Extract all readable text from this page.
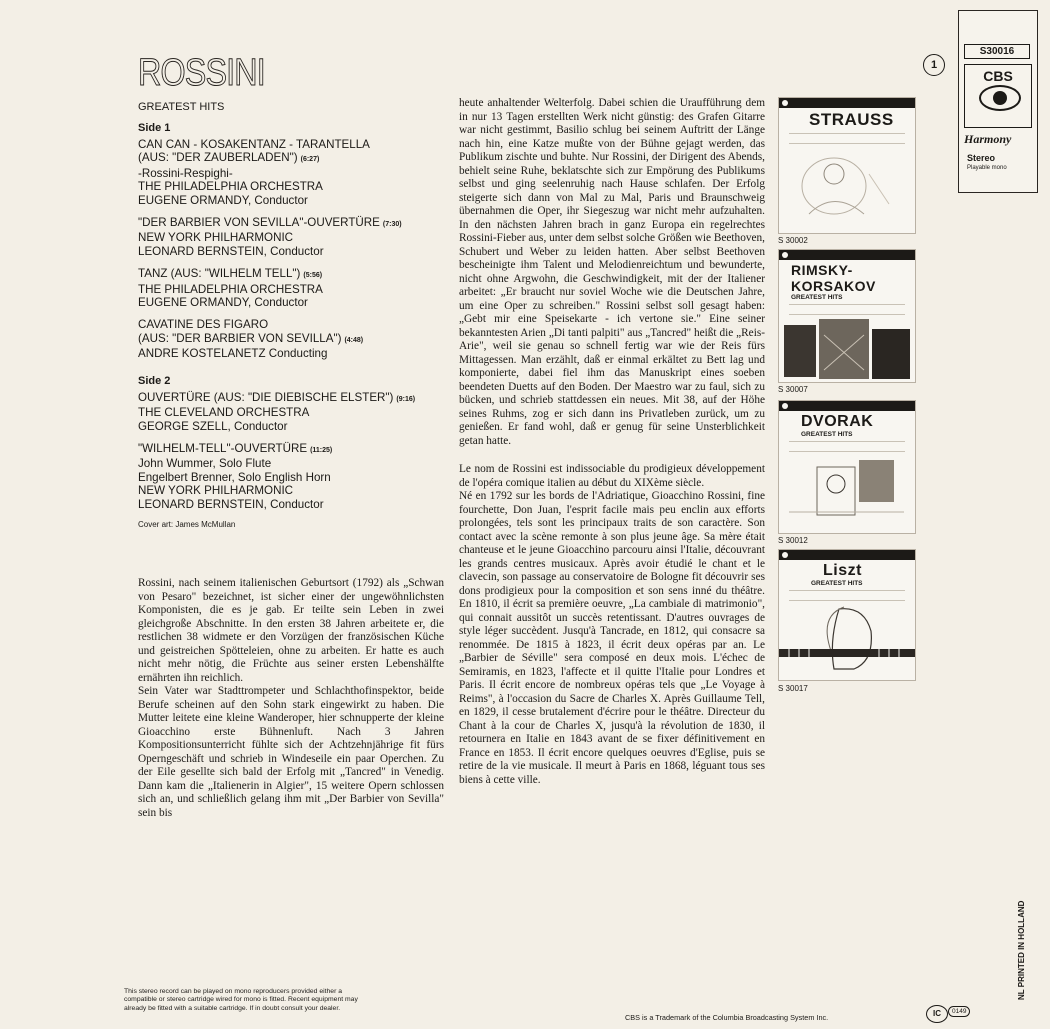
ROSSINI
GREATEST HITS
Side 1
CAN CAN - KOSAKENTANZ - TARANTELLA
(AUS: "DER ZAUBERLADEN") (6:27)
-Rossini-Respighi-
THE PHILADELPHIA ORCHESTRA
EUGENE ORMANDY, Conductor
"DER BARBIER VON SEVILLA"-OUVERTÜRE (7:30)
NEW YORK PHILHARMONIC
LEONARD BERNSTEIN, Conductor
TANZ (AUS: "WILHELM TELL") (5:56)
THE PHILADELPHIA ORCHESTRA
EUGENE ORMANDY, Conductor
CAVATINE DES FIGARO
(AUS: "DER BARBIER VON SEVILLA") (4:48)
ANDRE KOSTELANETZ Conducting
Side 2
OUVERTÜRE (AUS: "DIE DIEBISCHE ELSTER") (9:16)
THE CLEVELAND ORCHESTRA
GEORGE SZELL, Conductor
"WILHELM-TELL"-OUVERTÜRE (11:25)
John Wummer, Solo Flute
Engelbert Brenner, Solo English Horn
NEW YORK PHILHARMONIC
LEONARD BERNSTEIN, Conductor
Cover art: James McMullan

Rossini, nach seinem italienischen Geburtsort (1792) als „Schwan von Pesaro" bezeichnet, ist sicher einer der ungewöhnlichsten Komponisten, die es je gab. Er teilte sein Leben in zwei gleichgroße Abschnitte. In den ersten 38 Jahren arbeitete er, die restlichen 38 widmete er den Vorzügen der französischen Küche und geistreichen Spötteleien, ohne zu arbeiten. Er hatte es auch nicht mehr nötig, die Früchte aus seiner ersten Lebenshälfte ernährten ihn reichlich.

Sein Vater war Stadttrompeter und Schlachthofinspektor, beide Berufe scheinen auf den Sohn stark eingewirkt zu haben. Die Mutter leitete eine kleine Wanderoper, hier schnupperte der kleine Gioacchino erste Bühnenluft. Nach 3 Jahren Kompositionsunterricht fühlte sich der Achtzehnjährige fit fürs Operngeschäft und schrieb in Windeseile ein paar Operchen. Zu der Eile gesellte sich bald der Erfolg mit „Tancred" in Venedig. Dann kam die „Italienerin in Algier", 15 weitere Opern schlossen sich an, und schließlich gelang ihm mit „Der Barbier von Sevilla" sein bis

heute anhaltender Welterfolg. Dabei schien die Uraufführung dem in nur 13 Tagen erstellten Werk nicht günstig: des Grafen Gitarre war nicht gestimmt, Basilio schlug bei seinem Auftritt der Länge nach hin, eine Katze mußte von der Bühne gejagt werden, das Publikum zischte und buhte. Nur Rossini, der Dirigent des Abends, behielt seine Ruhe, beklatschte sich zur Empörung des Publikums selbst und ging seelenruhig nach Hause schlafen. Der Erfolg steigerte sich dann von Mal zu Mal, Paris und Braunschweig übernahmen die Oper, ihr Siegeszug war nicht mehr aufzuhalten. In den nächsten Jahren brach in ganz Europa ein regelrechtes Rossini-Fieber aus, unter dem selbst solche Größen wie Beethoven, Schubert und Weber zu leiden hatten. Aber selbst Beethoven bescheinigte ihm Talent und Melodienreichtum und bewunderte, nicht ohne Argwohn, die Geschwindigkeit, mit der der Italiener arbeitet: „Er braucht nur soviel Woche wie die Deutschen Jahre, um eine Oper zu schreiben." Rossini selbst soll gesagt haben: „Gebt mir eine Speisekarte - ich vertone sie." Eine seiner bekanntesten Arien „Di tanti palpiti" aus „Tancred" heißt die „Reis-Arie", weil sie genau so schnell fertig war wie der Reis fürs Mittagessen. Man erzählt, daß er einmal erkältet zu Bett lag und komponierte, dabei fiel ihm das Manuskript eines soeben beendeten Duetts auf den Boden. Der Maestro war zu faul, sich zu bücken, und schrieb stattdessen ein neues. Mit 38, auf der Höhe seines Ruhms, zog er sich dann ins Privatleben zurück, um zu genießen. Er fand wohl, daß er genug für seine Unsterblichkeit getan hatte.

Le nom de Rossini est indissociable du prodigieux développement de l'opéra comique italien au début du XIXème siècle.

Né en 1792 sur les bords de l'Adriatique, Gioacchino Rossini, fine fourchette, Don Juan, l'esprit facile mais peu enclin aux efforts prolongées, tels sont les principaux traits de son caractère. Son contact avec la scène remonte à son plus jeune âge. Sa mère était chanteuse et le jeune Gioacchino parcouru ainsi l'Italie, découvrant les grands centres musicaux. Après avoir étudié le chant et le clavecin, son passage au conservatoire de Bologne fit découvrir ses dons prodigieux pour la composition et son sens inné du théâtre. En 1810, il écrit sa première oeuvre, „La cambiale di matrimonio", qui connait aussitôt un succès retentissant. D'autres ouvrages de style léger succèdent. Jusqu'à Tancrade, en 1812, qui consacre sa renommée. De 1815 à 1823, il écrit deux opéras par an. Le „Barbier de Séville" sera composé en deux mois. L'échec de Semiramis, en 1823, l'affecte et il quitte l'Italie pour Londres et Paris. Il écrit encore de nombreux opéras tels que „Le Voyage à Reims", à l'occasion du Sacre de Charles X. Après Guillaume Tell, en 1829, il cesse brutalement d'écrire pour le théâtre. Directeur du Chant à la cour de Charles X, jusqu'à la révolution de 1830, il retournera en Italie en 1843 avant de se fixer définitivement en France en 1853. Il écrit encore quelques oeuvres d'Eglise, puis se retire de la vie musicale. Il meurt à Paris en 1868, léguant tous ses biens à cette ville.

1
S30016
CBS
Harmony
Stereo
Playable mono
STRAUSS
S 30002
RIMSKY-KORSAKOV
GREATEST HITS
S 30007
DVORAK
GREATEST HITS
S 30012
Liszt
GREATEST HITS
S 30017
This stereo record can be played on mono reproducers provided either a compatible or stereo cartridge wired for mono is fitted. Recent equipment may already be fitted with a suitable cartridge. If in doubt consult your dealer.
CBS is a Trademark of the Columbia Broadcasting System Inc.	IC	0149
NL PRINTED IN HOLLAND
